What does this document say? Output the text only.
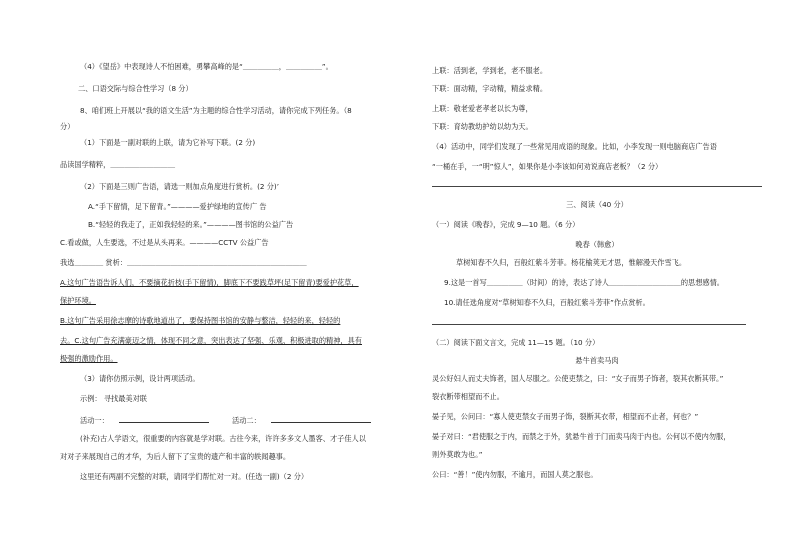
（4）《望岳》中表现诗人不怕困难，勇攀高峰的是“＿＿＿＿＿，＿＿＿＿＿”。
二、口语交际与综合性学习（8 分）
8、咱们班上开展以“我的语文生活”为主题的综合性学习活动，请你完成下列任务。（8
分）
（1）下面是一副对联的上联，请为它补写下联。(2 分)
品读国学精粹，＿＿＿＿＿＿＿＿＿
（2）下面是三则广告语，请选一则加点角度进行赏析。(2 分)’
A.“手下留情，足下留青。”————爱护绿地的宣传广 告
B.“轻轻的我走了，正如我轻轻的来。”————图书馆的公益广告
C.看或做，人生要选，不过是从头再来。————CCTV 公益广告
我选＿＿＿＿ 赏析：＿＿＿＿＿＿＿＿＿＿＿＿＿＿＿＿＿＿＿＿＿＿＿＿＿
A.这句广告语告诉人们，不要摘花折枝(手下留情)，脚底下不要践草坪(足下留青)要爱护花草，
保护环境。
B.这句广告采用徐志摩的诗歌地道出了，要保持图书馆的安静与整洁，轻轻的来，轻轻的
去。C.这句广告充满豪迈之情，体现不同之意，突出表达了坚强、乐观、积极进取的精神，具有
极强的激励作用。
（3）请你仿照示例，设计两项活动。
示例： 寻找最美对联
活动一：	活动二：
(补充)古人学语文，很重要的内容就是学对联。古往今来，许许多多文人墨客、才子佳人以
对对子来展现自己的才华，为后人留下了宝贵的遗产和丰富的轶闻趣事。
这里还有两副不完整的对联，请同学们帮忙对一对。(任选一副)（2 分）
上联：活到老，学到老，老不服老。
下联：面动精，字动精，精益求精。
上联：敬老爱老孝老以长为尊，
下联：育幼教幼护幼以幼为天。
（4）活动中，同学们发现了一些常见用成语的现象。比如，小李发现一则电脑商店广告语
“一桶在手，一“明”惊人”，如果你是小李该如何劝说商店老板？（2 分）
三、阅读（40 分）
（一）阅读《晚春》，完成 9—10 题。（6 分）
晚春（韩愈）
草树知春不久归，百般红紫斗芳菲。杨花榆荚无才思，惟解漫天作雪飞。
9.这是一首写＿＿＿＿＿（时间）的诗，表达了诗人＿＿＿＿＿＿＿＿＿＿的思想感情。
10.请任选角度对“草树知春不久归，百般红紫斗芳菲”作点赏析。
（二）阅读下面文言文，完成 11—15 题。（10 分）
悬牛首卖马肉
灵公好妇人而丈夫饰者，国人尽服之。公使吏禁之，曰：“女子而男子饰者，裂其衣断其带。”
裂衣断带相望而不止。
晏子见，公问曰：“寡人使吏禁女子而男子饰，裂断其衣带，相望而不止者，何也？”
晏子对曰：“君使服之于内，而禁之于外，犹悬牛首于门而卖马肉于内也。公何以不使内勿服，
则外莫敢为也。”
公曰：“善！”使内勿服，不逾月，而国人莫之服也。
